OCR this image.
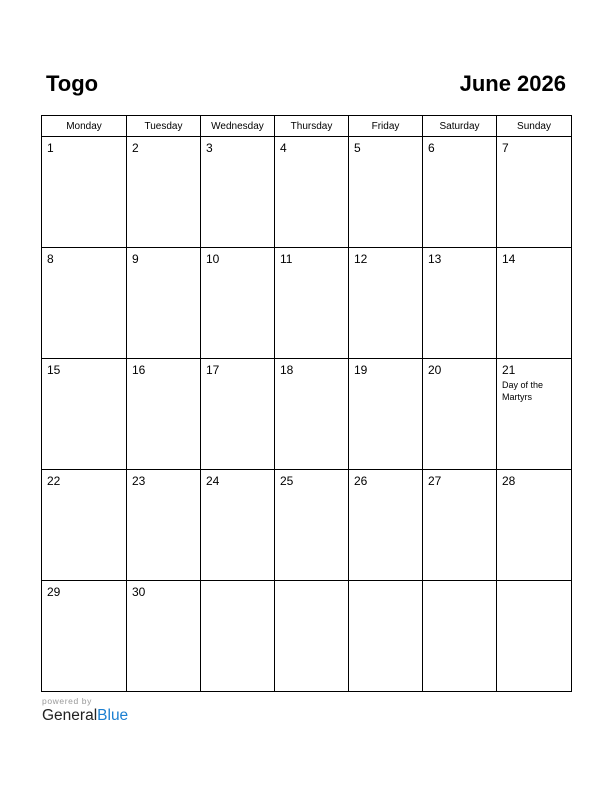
Togo	June 2026
Monday	Tuesday	Wednesday	Thursday	Friday	Saturday	Sunday

1	2	3	4	5	6	7

8	9	10	11	12	13	14

15	16	17	18	19	20	21
Day of the Martyrs

22	23	24	25	26	27	28

29	30					

powered by
GeneralBlue
